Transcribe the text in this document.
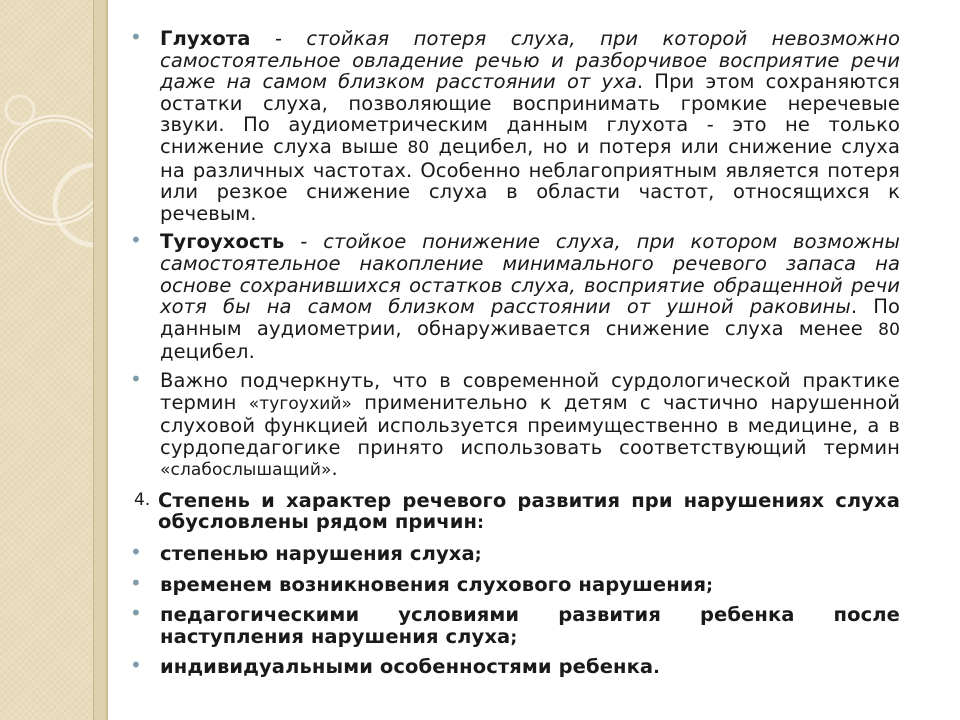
• Глухота - стойкая потеря слуха, при которой невозможно самостоятельное овладение речью и разборчивое восприятие речи даже на самом близком расстоянии от уха. При этом сохраняются остатки слуха, позволяющие воспринимать громкие неречевые звуки. По аудиометрическим данным глухота - это не только снижение слуха выше 80 децибел, но и потеря или снижение слуха на различных частотах. Особенно неблагоприятным является потеря или резкое снижение слуха в области частот, относящихся к речевым.

• Тугоухость - стойкое понижение слуха, при котором возможны самостоятельное накопление минимального речевого запаса на основе сохранившихся остатков слуха, восприятие обращенной речи хотя бы на самом близком расстоянии от ушной раковины. По данным аудиометрии, обнаруживается снижение слуха менее 80 децибел.

• Важно подчеркнуть, что в современной сурдологической практике термин «тугоухий» применительно к детям с частично нарушенной слуховой функцией используется преимущественно в медицине, а в сурдопедагогике принято использовать соответствующий термин «слабослышащий».

4. Степень и характер речевого развития при нарушениях слуха обусловлены рядом причин:

• степенью нарушения слуха;

• временем возникновения слухового нарушения;

• педагогическими условиями развития ребенка после наступления нарушения слуха;

• индивидуальными особенностями ребенка.
